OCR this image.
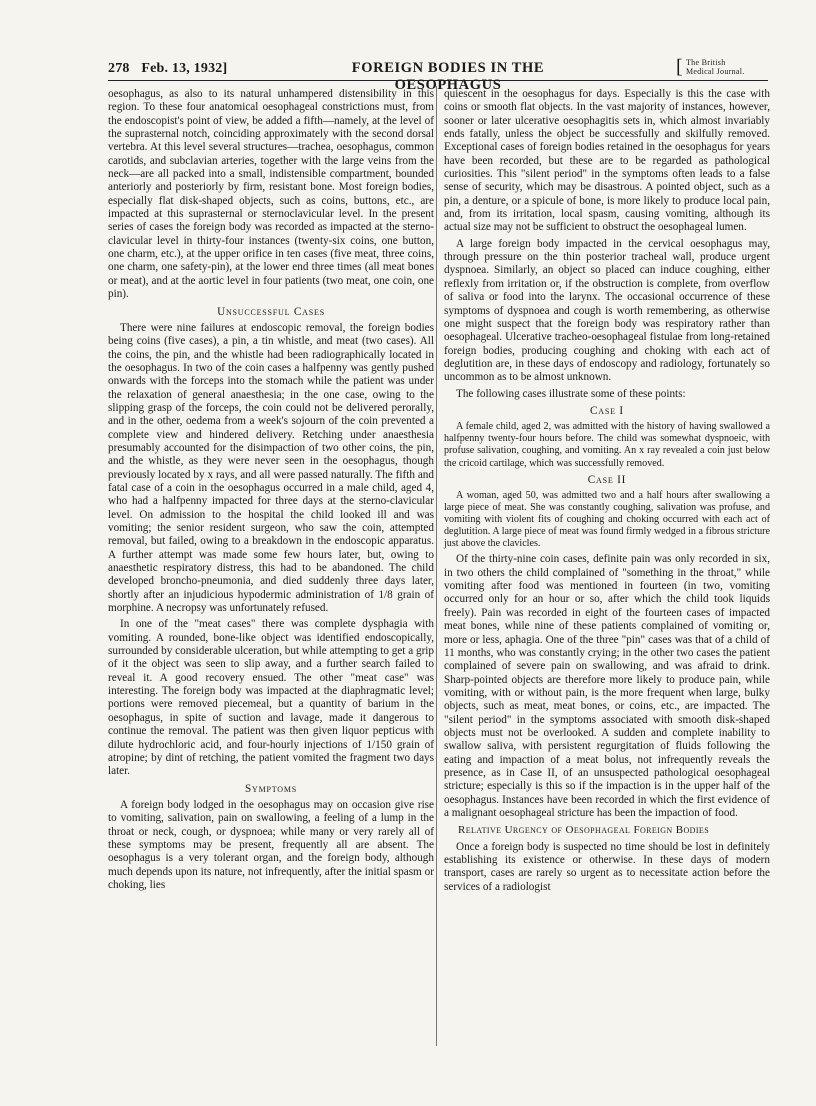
278 Feb. 13, 1932]	FOREIGN BODIES IN THE OESOPHAGUS
[ The British
Medical Journal.

oesophagus, as also to its natural unhampered distensibility in this region. To these four anatomical oesophageal constrictions must, from the endoscopist's point of view, be added a fifth—namely, at the level of the suprasternal notch, coinciding approximately with the second dorsal vertebra. At this level several structures—trachea, oesophagus, common carotids, and subclavian arteries, together with the large veins from the neck—are all packed into a small, indistensible compartment, bounded anteriorly and posteriorly by firm, resistant bone. Most foreign bodies, especially flat disk-shaped objects, such as coins, buttons, etc., are impacted at this suprasternal or sternoclavicular level. In the present series of cases the foreign body was recorded as impacted at the sterno-clavicular level in thirty-four instances (twenty-six coins, one button, one charm, etc.), at the upper orifice in ten cases (five meat, three coins, one charm, one safety-pin), at the lower end three times (all meat bones or meat), and at the aortic level in four patients (two meat, one coin, one pin).

Unsuccessful Cases

There were nine failures at endoscopic removal, the foreign bodies being coins (five cases), a pin, a tin whistle, and meat (two cases). All the coins, the pin, and the whistle had been radiographically located in the oesophagus. In two of the coin cases a halfpenny was gently pushed onwards with the forceps into the stomach while the patient was under the relaxation of general anaesthesia; in the one case, owing to the slipping grasp of the forceps, the coin could not be delivered perorally, and in the other, oedema from a week's sojourn of the coin prevented a complete view and hindered delivery. Retching under anaesthesia presumably accounted for the disimpaction of two other coins, the pin, and the whistle, as they were never seen in the oesophagus, though previously located by x rays, and all were passed naturally. The fifth and fatal case of a coin in the oesophagus occurred in a male child, aged 4, who had a halfpenny impacted for three days at the sterno-clavicular level. On admission to the hospital the child looked ill and was vomiting; the senior resident surgeon, who saw the coin, attempted removal, but failed, owing to a breakdown in the endoscopic apparatus. A further attempt was made some few hours later, but, owing to anaesthetic respiratory distress, this had to be abandoned. The child developed broncho-pneumonia, and died suddenly three days later, shortly after an injudicious hypodermic administration of 1/8 grain of morphine. A necropsy was unfortunately refused.

In one of the "meat cases" there was complete dysphagia with vomiting. A rounded, bone-like object was identified endoscopically, surrounded by considerable ulceration, but while attempting to get a grip of it the object was seen to slip away, and a further search failed to reveal it. A good recovery ensued. The other "meat case" was interesting. The foreign body was impacted at the diaphragmatic level; portions were removed piecemeal, but a quantity of barium in the oesophagus, in spite of suction and lavage, made it dangerous to continue the removal. The patient was then given liquor pepticus with dilute hydrochloric acid, and four-hourly injections of 1/150 grain of atropine; by dint of retching, the patient vomited the fragment two days later.

Symptoms

A foreign body lodged in the oesophagus may on occasion give rise to vomiting, salivation, pain on swallowing, a feeling of a lump in the throat or neck, cough, or dyspnoea; while many or very rarely all of these symptoms may be present, frequently all are absent. The oesophagus is a very tolerant organ, and the foreign body, although much depends upon its nature, not infrequently, after the initial spasm or choking, lies

quiescent in the oesophagus for days. Especially is this the case with coins or smooth flat objects. In the vast majority of instances, however, sooner or later ulcerative oesophagitis sets in, which almost invariably ends fatally, unless the object be successfully and skilfully removed. Exceptional cases of foreign bodies retained in the oesophagus for years have been recorded, but these are to be regarded as pathological curiosities. This "silent period" in the symptoms often leads to a false sense of security, which may be disastrous. A pointed object, such as a pin, a denture, or a spicule of bone, is more likely to produce local pain, and, from its irritation, local spasm, causing vomiting, although its actual size may not be sufficient to obstruct the oesophageal lumen.

A large foreign body impacted in the cervical oesophagus may, through pressure on the thin posterior tracheal wall, produce urgent dyspnoea. Similarly, an object so placed can induce coughing, either reflexly from irritation or, if the obstruction is complete, from overflow of saliva or food into the larynx. The occasional occurrence of these symptoms of dyspnoea and cough is worth remembering, as otherwise one might suspect that the foreign body was respiratory rather than oesophageal. Ulcerative tracheo-oesophageal fistulae from long-retained foreign bodies, producing coughing and choking with each act of deglutition are, in these days of endoscopy and radiology, fortunately so uncommon as to be almost unknown.

The following cases illustrate some of these points:

Case I

A female child, aged 2, was admitted with the history of having swallowed a halfpenny twenty-four hours before. The child was somewhat dyspnoeic, with profuse salivation, coughing, and vomiting. An x ray revealed a coin just below the cricoid cartilage, which was successfully removed.

Case II

A woman, aged 50, was admitted two and a half hours after swallowing a large piece of meat. She was constantly coughing, salivation was profuse, and vomiting with violent fits of coughing and choking occurred with each act of deglutition. A large piece of meat was found firmly wedged in a fibrous stricture just above the clavicles.

Of the thirty-nine coin cases, definite pain was only recorded in six, in two others the child complained of "something in the throat," while vomiting after food was mentioned in fourteen (in two, vomiting occurred only for an hour or so, after which the child took liquids freely). Pain was recorded in eight of the fourteen cases of impacted meat bones, while nine of these patients complained of vomiting or, more or less, aphagia. One of the three "pin" cases was that of a child of 11 months, who was constantly crying; in the other two cases the patient complained of severe pain on swallowing, and was afraid to drink. Sharp-pointed objects are therefore more likely to produce pain, while vomiting, with or without pain, is the more frequent when large, bulky objects, such as meat, meat bones, or coins, etc., are impacted. The "silent period" in the symptoms associated with smooth disk-shaped objects must not be overlooked. A sudden and complete inability to swallow saliva, with persistent regurgitation of fluids following the eating and impaction of a meat bolus, not infrequently reveals the presence, as in Case II, of an unsuspected pathological oesophageal stricture; especially is this so if the impaction is in the upper half of the oesophagus. Instances have been recorded in which the first evidence of a malignant oesophageal stricture has been the impaction of food.

Relative Urgency of Oesophageal Foreign Bodies

Once a foreign body is suspected no time should be lost in definitely establishing its existence or otherwise. In these days of modern transport, cases are rarely so urgent as to necessitate action before the services of a radiologist
